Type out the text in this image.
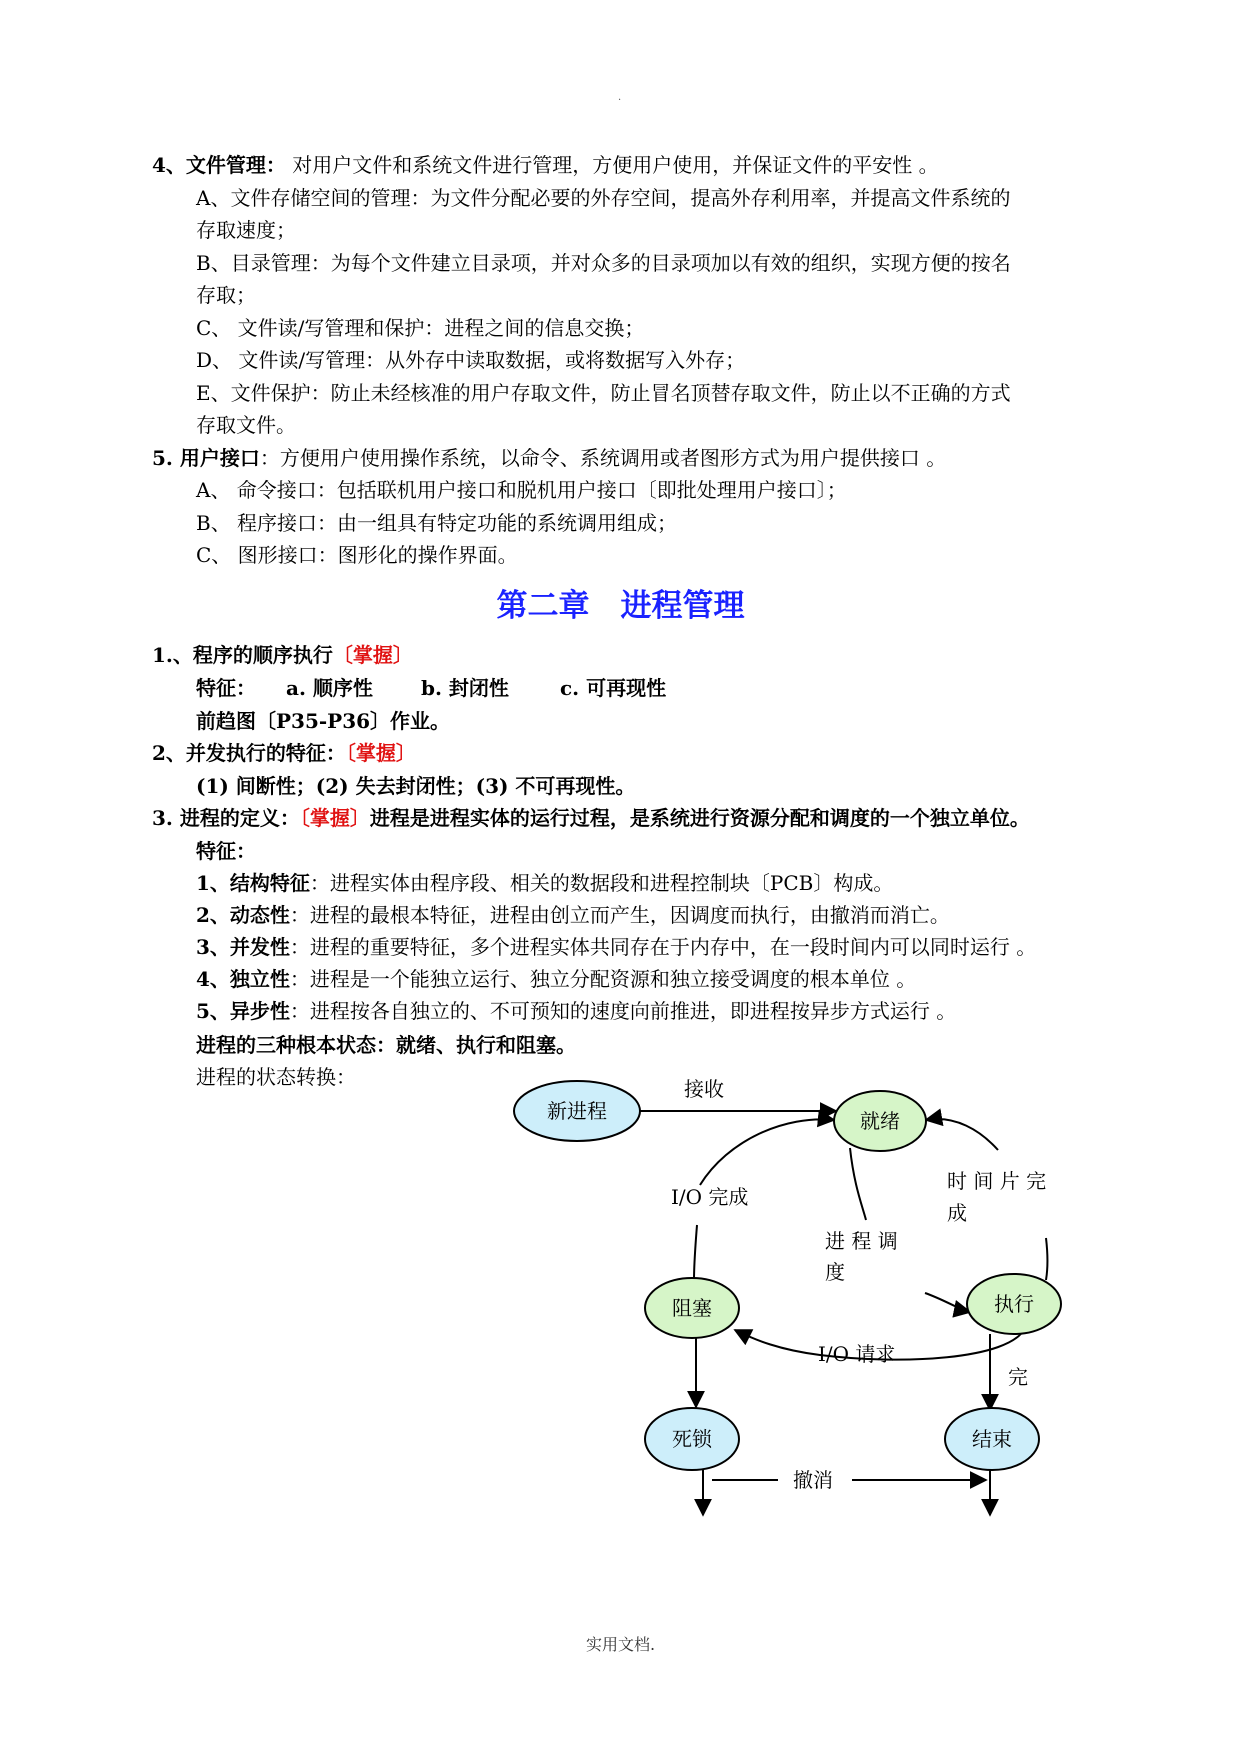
.
4、文件管理： 对用户文件和系统文件进行管理，方便用户使用，并保证文件的平安性 。
A、文件存储空间的管理：为文件分配必要的外存空间，提高外存利用率，并提高文件系统的
存取速度；
B、目录管理：为每个文件建立目录项，并对众多的目录项加以有效的组织，实现方便的按名
存取；
C、 文件读/写管理和保护：进程之间的信息交换；
D、 文件读/写管理：从外存中读取数据，或将数据写入外存；
E、文件保护：防止未经核准的用户存取文件，防止冒名顶替存取文件，防止以不正确的方式
存取文件。
5. 用户接口：方便用户使用操作系统，以命令、系统调用或者图形方式为用户提供接口 。
A、 命令接口：包括联机用户接口和脱机用户接口〔即批处理用户接口〕；
B、 程序接口：由一组具有特定功能的系统调用组成；
C、 图形接口：图形化的操作界面。
第二章　进程管理
1.、程序的顺序执行〔掌握〕
特征： a. 顺序性 b. 封闭性	c. 可再现性
前趋图〔P35-P36〕作业。
2、并发执行的特征：〔掌握〕
(1) 间断性；(2) 失去封闭性；(3) 不可再现性。
3. 进程的定义：〔掌握〕进程是进程实体的运行过程，是系统进行资源分配和调度的一个独立单位。
特征：
1、结构特征：进程实体由程序段、相关的数据段和进程控制块〔PCB〕构成。
2、动态性：进程的最根本特征，进程由创立而产生，因调度而执行，由撤消而消亡。
3、并发性：进程的重要特征，多个进程实体共同存在于内存中，在一段时间内可以同时运行 。
4、独立性：进程是一个能独立运行、独立分配资源和独立接受调度的根本单位 。
5、异步性：进程按各自独立的、不可预知的速度向前推进，即进程按异步方式运行 。
进程的三种根本状态：就绪、执行和阻塞。
进程的状态转换：
新进程	就绪
阻塞	执行
死锁	结束
接收
I/O 完成
时 间 片 完
成
进 程 调
度
I/O 请求
完
撤消
实用文档.
